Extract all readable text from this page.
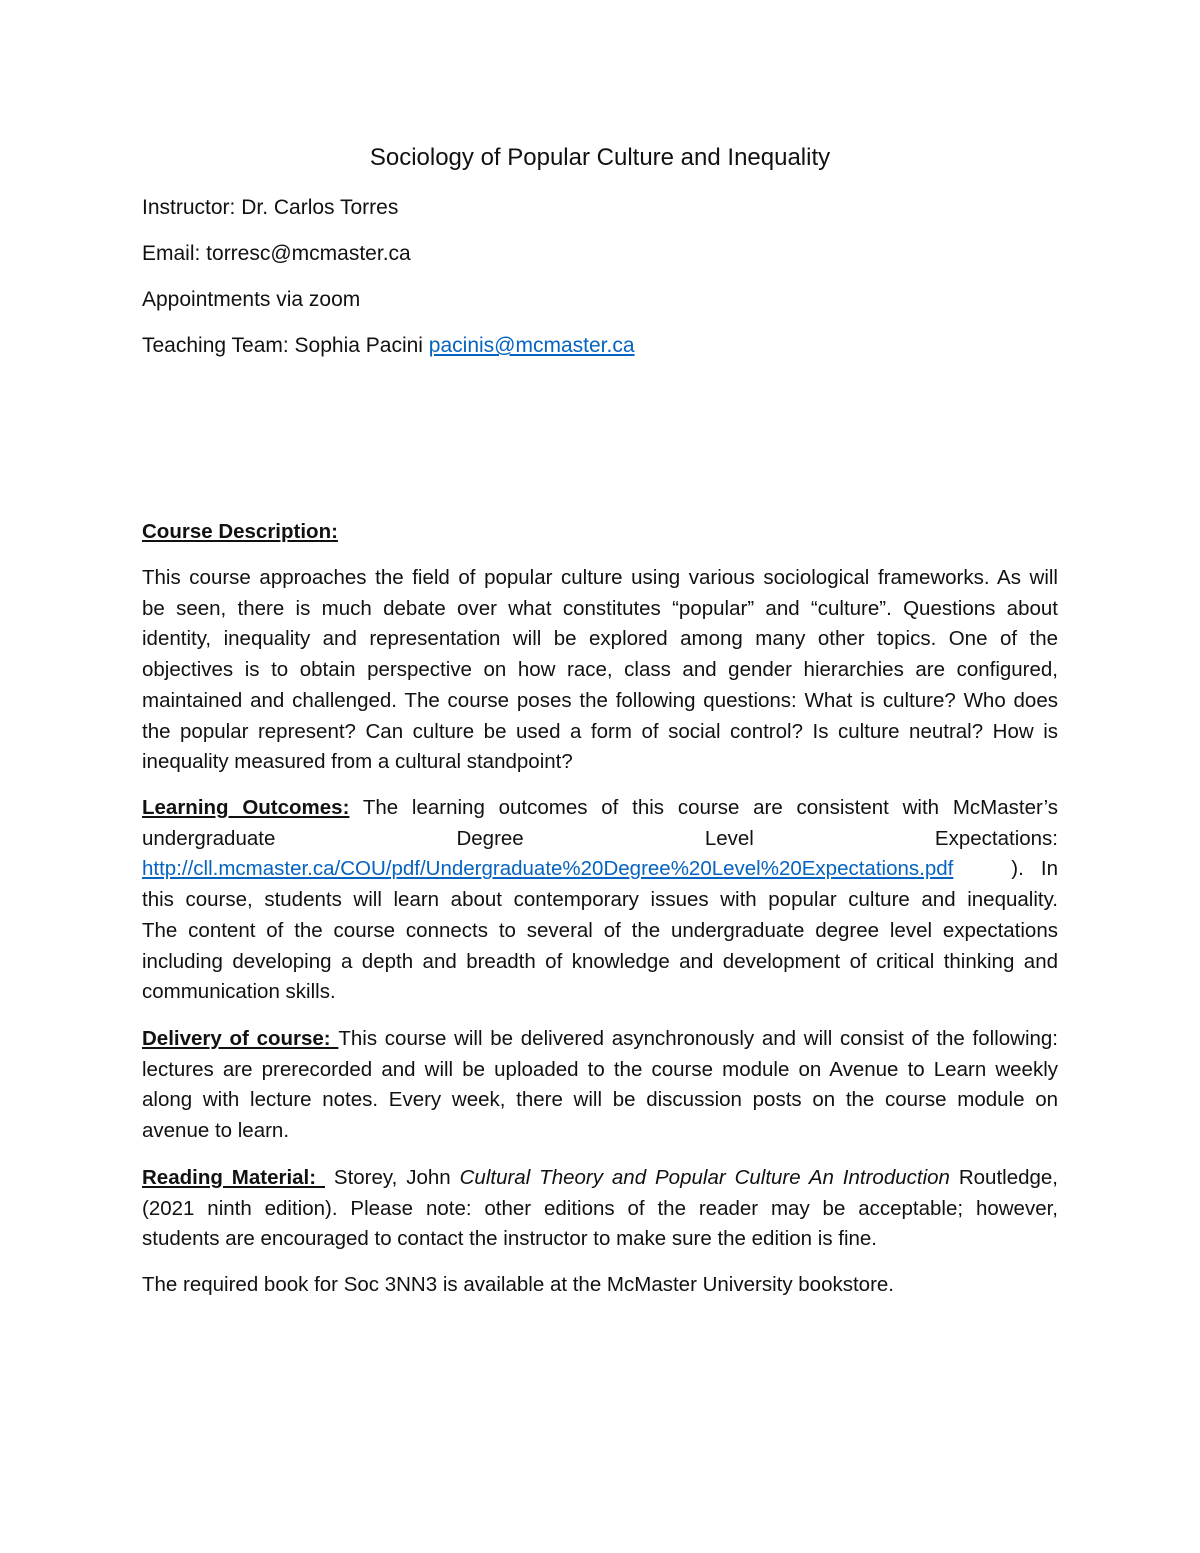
Sociology of Popular Culture and Inequality
Instructor: Dr. Carlos Torres
Email: torresc@mcmaster.ca
Appointments via zoom
Teaching Team: Sophia Pacini pacinis@mcmaster.ca
Course Description:
This course approaches the field of popular culture using various sociological frameworks. As will
be seen, there is much debate over what constitutes “popular” and “culture”. Questions about
identity, inequality and representation will be explored among many other topics. One of the
objectives is to obtain perspective on how race, class and gender hierarchies are configured,
maintained and challenged. The course poses the following questions: What is culture? Who does
the popular represent? Can culture be used a form of social control? Is culture neutral? How is
inequality measured from a cultural standpoint?
Learning Outcomes: The learning outcomes of this course are consistent with McMaster’s
undergraduate	Degree	Level	Expectations:
http://cll.mcmaster.ca/COU/pdf/Undergraduate%20Degree%20Level%20Expectations.pdf	).   In
this course, students will learn about contemporary issues with popular culture and inequality.
The content of the course connects to several of the undergraduate degree level expectations
including developing a depth and breadth of knowledge and development of critical thinking and
communication skills.
Delivery of course: This course will be delivered asynchronously and will consist of the following:
lectures are prerecorded and will be uploaded to the course module on Avenue to Learn weekly
along with lecture notes. Every week, there will be discussion posts on the course module on
avenue to learn.
Reading Material:  Storey, John Cultural Theory and Popular Culture An Introduction Routledge,
(2021 ninth edition). Please note: other editions of the reader may be acceptable; however,
students are encouraged to contact the instructor to make sure the edition is fine.
The required book for Soc 3NN3 is available at the McMaster University bookstore.
